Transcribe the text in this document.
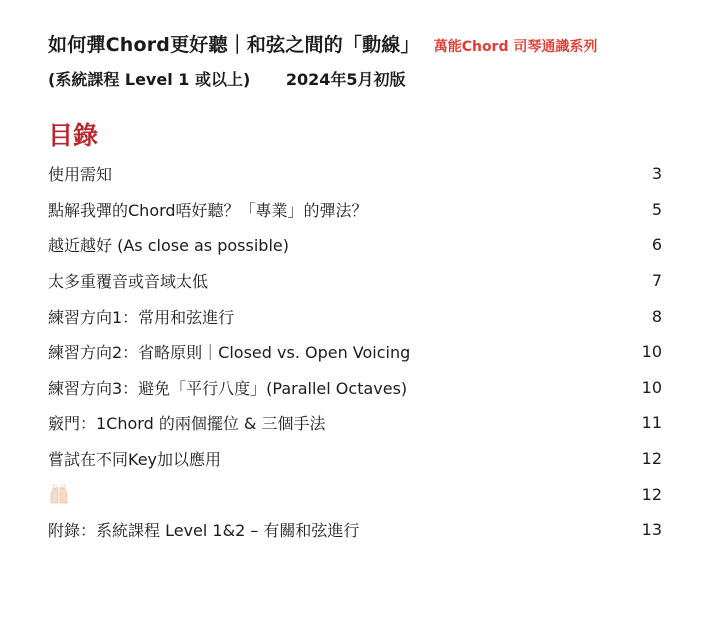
如何彈Chord更好聽｜和弦之間的「動線」 萬能Chord 司琴通識系列
(系統課程 Level 1 或以上) 2024年5月初版
目錄
使用需知	3
點解我彈的Chord唔好聽？「專業」的彈法？	5
越近越好 (As close as possible)	6
太多重覆音或音域太低	7
練習方向1：常用和弦進行	8
練習方向2：省略原則｜Closed vs. Open Voicing	10
練習方向3：避免「平行八度」(Parallel Octaves)	10
竅門：1Chord 的兩個擺位 & 三個手法	11
嘗試在不同Key加以應用	12
12
附錄：系統課程 Level 1&2 – 有關和弦進行	13
